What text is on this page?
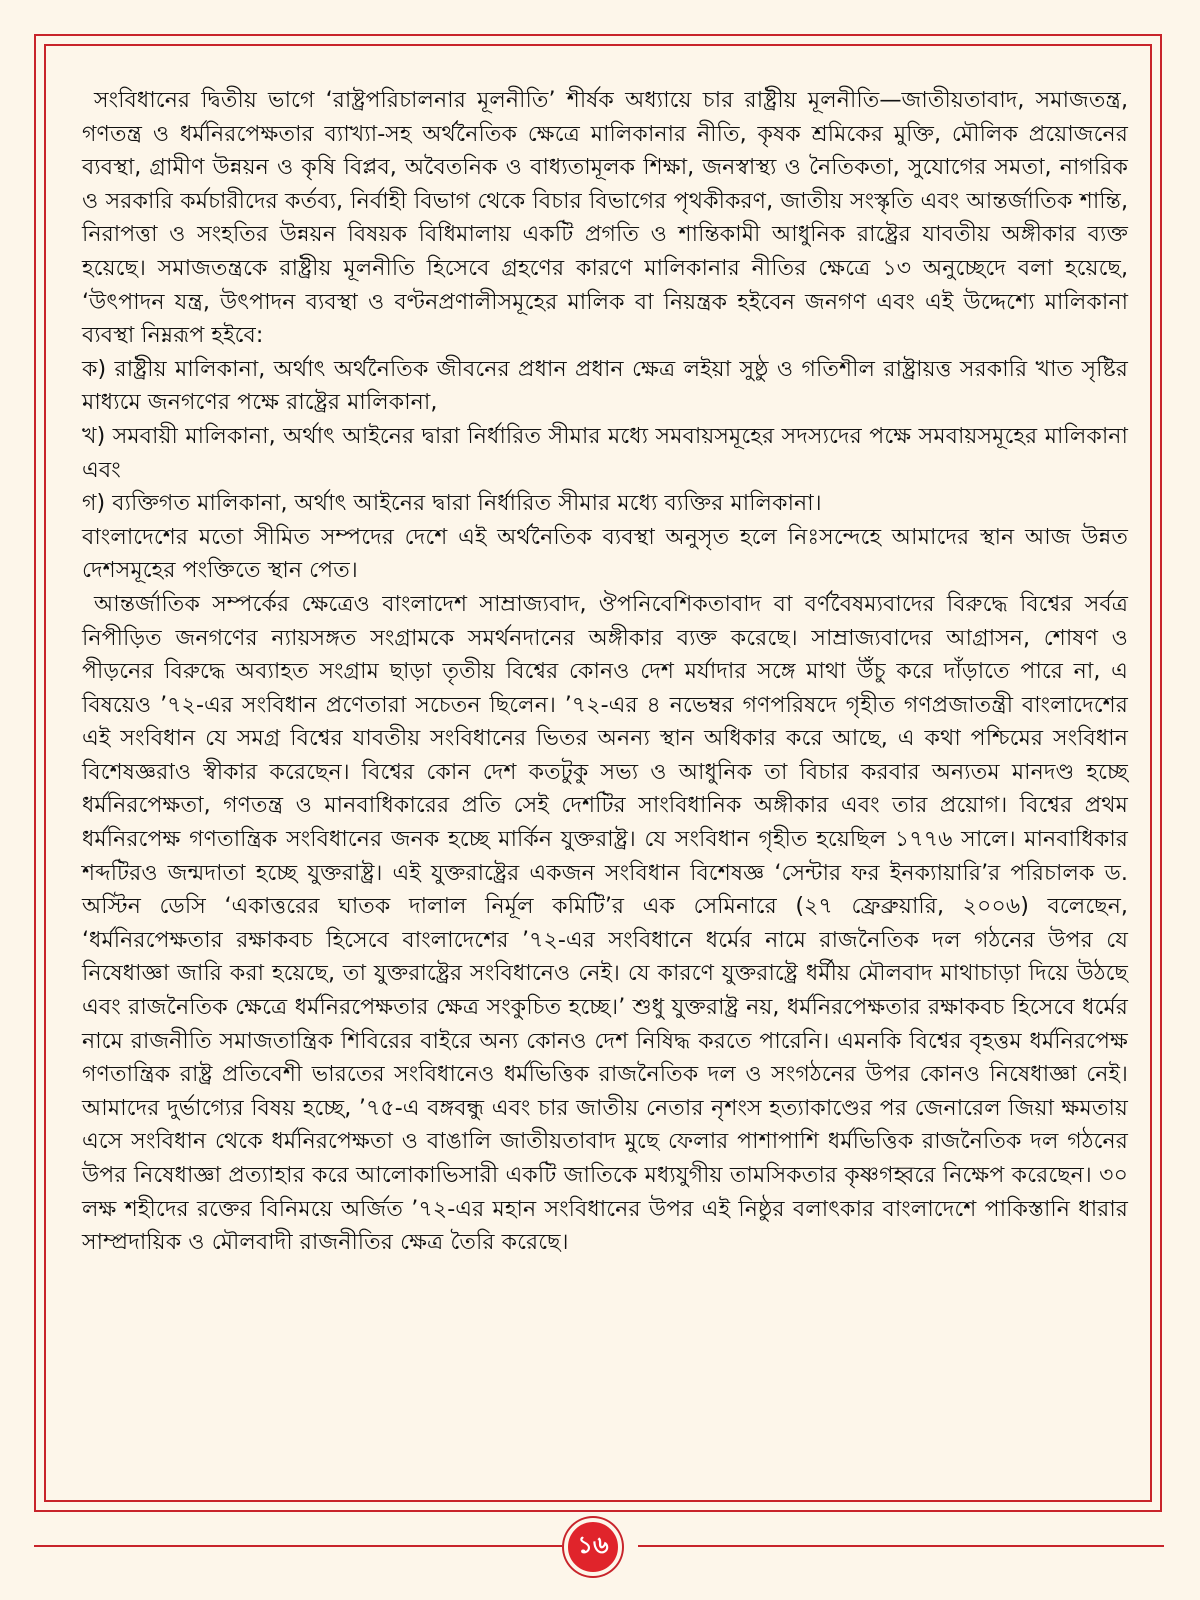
সংবিধানের দ্বিতীয় ভাগে ‘রাষ্ট্রপরিচালনার মূলনীতি’ শীর্ষক অধ্যায়ে চার রাষ্ট্রীয় মূলনীতি—জাতীয়তাবাদ, সমাজতন্ত্র, গণতন্ত্র ও ধর্মনিরপেক্ষতার ব্যাখ্যা-সহ অর্থনৈতিক ক্ষেত্রে মালিকানার নীতি, কৃষক শ্রমিকের মুক্তি, মৌলিক প্রয়োজনের ব্যবস্থা, গ্রামীণ উন্নয়ন ও কৃষি বিপ্লব, অবৈতনিক ও বাধ্যতামূলক শিক্ষা, জনস্বাস্থ্য ও নৈতিকতা, সুযোগের সমতা, নাগরিক ও সরকারি কর্মচারীদের কর্তব্য, নির্বাহী বিভাগ থেকে বিচার বিভাগের পৃথকীকরণ, জাতীয় সংস্কৃতি এবং আন্তর্জাতিক শান্তি, নিরাপত্তা ও সংহতির উন্নয়ন বিষয়ক বিধিমালায় একটি প্রগতি ও শান্তিকামী আধুনিক রাষ্ট্রের যাবতীয় অঙ্গীকার ব্যক্ত হয়েছে। সমাজতন্ত্রকে রাষ্ট্রীয় মূলনীতি হিসেবে গ্রহণের কারণে মালিকানার নীতির ক্ষেত্রে ১৩ অনুচ্ছেদে বলা হয়েছে, ‘উৎপাদন যন্ত্র, উৎপাদন ব্যবস্থা ও বণ্টনপ্রণালীসমূহের মালিক বা নিয়ন্ত্রক হইবেন জনগণ এবং এই উদ্দেশ্যে মালিকানা ব্যবস্থা নিম্নরূপ হইবে:

ক) রাষ্ট্রীয় মালিকানা, অর্থাৎ অর্থনৈতিক জীবনের প্রধান প্রধান ক্ষেত্র লইয়া সুষ্ঠু ও গতিশীল রাষ্ট্রায়ত্ত সরকারি খাত সৃষ্টির মাধ্যমে জনগণের পক্ষে রাষ্ট্রের মালিকানা,

খ) সমবায়ী মালিকানা, অর্থাৎ আইনের দ্বারা নির্ধারিত সীমার মধ্যে সমবায়সমূহের সদস্যদের পক্ষে সমবায়সমূহের মালিকানা এবং

গ) ব্যক্তিগত মালিকানা, অর্থাৎ আইনের দ্বারা নির্ধারিত সীমার মধ্যে ব্যক্তির মালিকানা।

বাংলাদেশের মতো সীমিত সম্পদের দেশে এই অর্থনৈতিক ব্যবস্থা অনুসৃত হলে নিঃসন্দেহে আমাদের স্থান আজ উন্নত দেশসমূহের পংক্তিতে স্থান পেত।

আন্তর্জাতিক সম্পর্কের ক্ষেত্রেও বাংলাদেশ সাম্রাজ্যবাদ, ঔপনিবেশিকতাবাদ বা বর্ণবৈষম্যবাদের বিরুদ্ধে বিশ্বের সর্বত্র নিপীড়িত জনগণের ন্যায়সঙ্গত সংগ্রামকে সমর্থনদানের অঙ্গীকার ব্যক্ত করেছে। সাম্রাজ্যবাদের আগ্রাসন, শোষণ ও পীড়নের বিরুদ্ধে অব্যাহত সংগ্রাম ছাড়া তৃতীয় বিশ্বের কোনও দেশ মর্যাদার সঙ্গে মাথা উঁচু করে দাঁড়াতে পারে না, এ বিষয়েও ’৭২-এর সংবিধান প্রণেতারা সচেতন ছিলেন। ’৭২-এর ৪ নভেম্বর গণপরিষদে গৃহীত গণপ্রজাতন্ত্রী বাংলাদেশের এই সংবিধান যে সমগ্র বিশ্বের যাবতীয় সংবিধানের ভিতর অনন্য স্থান অধিকার করে আছে, এ কথা পশ্চিমের সংবিধান বিশেষজ্ঞরাও স্বীকার করেছেন। বিশ্বের কোন দেশ কতটুকু সভ্য ও আধুনিক তা বিচার করবার অন্যতম মানদণ্ড হচ্ছে ধর্মনিরপেক্ষতা, গণতন্ত্র ও মানবাধিকারের প্রতি সেই দেশটির সাংবিধানিক অঙ্গীকার এবং তার প্রয়োগ। বিশ্বের প্রথম ধর্মনিরপেক্ষ গণতান্ত্রিক সংবিধানের জনক হচ্ছে মার্কিন যুক্তরাষ্ট্র। যে সংবিধান গৃহীত হয়েছিল ১৭৭৬ সালে। মানবাধিকার শব্দটিরও জন্মদাতা হচ্ছে যুক্তরাষ্ট্র। এই যুক্তরাষ্ট্রের একজন সংবিধান বিশেষজ্ঞ ‘সেন্টার ফর ইনক্যায়ারি’র পরিচালক ড. অস্টিন ডেসি ‘একাত্তরের ঘাতক দালাল নির্মূল কমিটি’র এক সেমিনারে (২৭ ফ্রেব্রুয়ারি, ২০০৬) বলেছেন, ‘ধর্মনিরপেক্ষতার রক্ষাকবচ হিসেবে বাংলাদেশের ’৭২-এর সংবিধানে ধর্মের নামে রাজনৈতিক দল গঠনের উপর যে নিষেধাজ্ঞা জারি করা হয়েছে, তা যুক্তরাষ্ট্রের সংবিধানেও নেই। যে কারণে যুক্তরাষ্ট্রে ধর্মীয় মৌলবাদ মাথাচাড়া দিয়ে উঠছে এবং রাজনৈতিক ক্ষেত্রে ধর্মনিরপেক্ষতার ক্ষেত্র সংকুচিত হচ্ছে।’ শুধু যুক্তরাষ্ট্র নয়, ধর্মনিরপেক্ষতার রক্ষাকবচ হিসেবে ধর্মের নামে রাজনীতি সমাজতান্ত্রিক শিবিরের বাইরে অন্য কোনও দেশ নিষিদ্ধ করতে পারেনি। এমনকি বিশ্বের বৃহত্তম ধর্মনিরপেক্ষ গণতান্ত্রিক রাষ্ট্র প্রতিবেশী ভারতের সংবিধানেও ধর্মভিত্তিক রাজনৈতিক দল ও সংগঠনের উপর কোনও নিষেধাজ্ঞা নেই। আমাদের দুর্ভাগ্যের বিষয় হচ্ছে, ’৭৫-এ বঙ্গবন্ধু এবং চার জাতীয় নেতার নৃশংস হত্যাকাণ্ডের পর জেনারেল জিয়া ক্ষমতায় এসে সংবিধান থেকে ধর্মনিরপেক্ষতা ও বাঙালি জাতীয়তাবাদ মুছে ফেলার পাশাপাশি ধর্মভিত্তিক রাজনৈতিক দল গঠনের উপর নিষেধাজ্ঞা প্রত্যাহার করে আলোকাভিসারী একটি জাতিকে মধ্যযুগীয় তামসিকতার কৃষ্ণগহ্বরে নিক্ষেপ করেছেন। ৩০ লক্ষ শহীদের রক্তের বিনিময়ে অর্জিত ’৭২-এর মহান সংবিধানের উপর এই নিষ্ঠুর বলাৎকার বাংলাদেশে পাকিস্তানি ধারার সাম্প্রদায়িক ও মৌলবাদী রাজনীতির ক্ষেত্র তৈরি করেছে।

১৬
